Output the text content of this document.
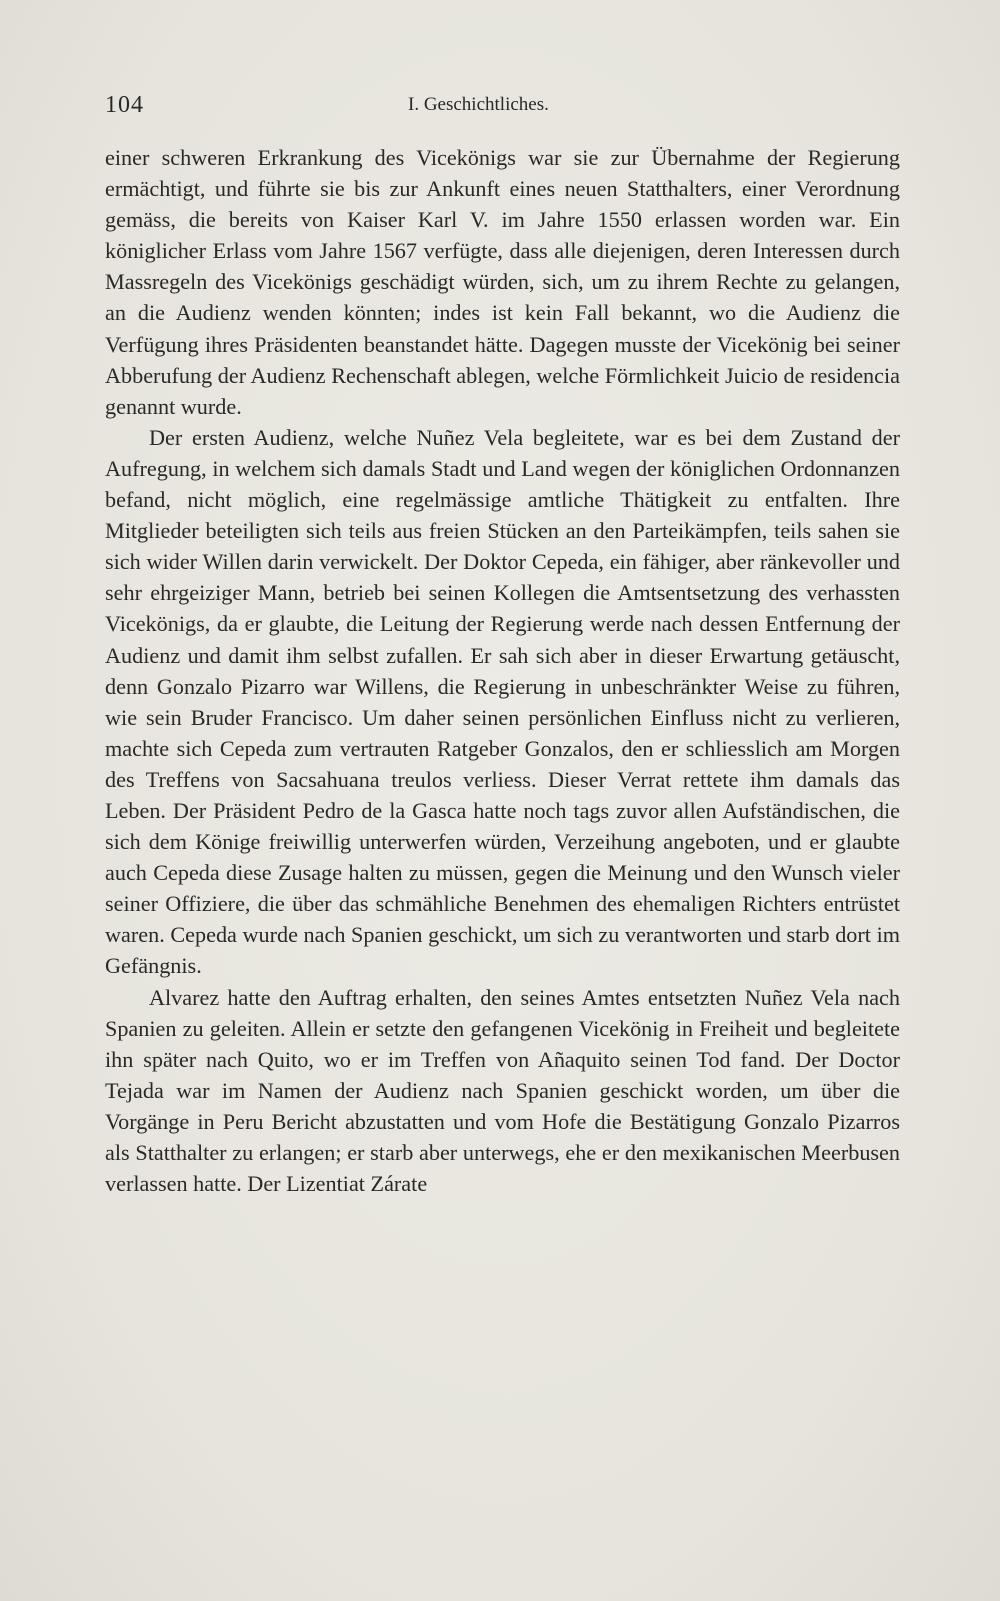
104	I. Geschichtliches.

einer schweren Erkrankung des Vicekönigs war sie zur Übernahme der Regierung ermächtigt, und führte sie bis zur Ankunft eines neuen Statthalters, einer Verordnung gemäss, die bereits von Kaiser Karl V. im Jahre 1550 erlassen worden war. Ein königlicher Erlass vom Jahre 1567 verfügte, dass alle diejenigen, deren Interessen durch Massregeln des Vicekönigs geschädigt würden, sich, um zu ihrem Rechte zu gelangen, an die Audienz wenden könnten; indes ist kein Fall bekannt, wo die Audienz die Verfügung ihres Präsidenten beanstandet hätte. Dagegen musste der Vicekönig bei seiner Abberufung der Audienz Rechenschaft ablegen, welche Förmlichkeit Juicio de residencia genannt wurde.

Der ersten Audienz, welche Nuñez Vela begleitete, war es bei dem Zustand der Aufregung, in welchem sich damals Stadt und Land wegen der königlichen Ordonnanzen befand, nicht möglich, eine regelmässige amtliche Thätigkeit zu entfalten. Ihre Mitglieder beteiligten sich teils aus freien Stücken an den Parteikämpfen, teils sahen sie sich wider Willen darin verwickelt. Der Doktor Cepeda, ein fähiger, aber ränkevoller und sehr ehrgeiziger Mann, betrieb bei seinen Kollegen die Amtsentsetzung des verhassten Vicekönigs, da er glaubte, die Leitung der Regierung werde nach dessen Entfernung der Audienz und damit ihm selbst zufallen. Er sah sich aber in dieser Erwartung getäuscht, denn Gonzalo Pizarro war Willens, die Regierung in unbeschränkter Weise zu führen, wie sein Bruder Francisco. Um daher seinen persönlichen Einfluss nicht zu verlieren, machte sich Cepeda zum vertrauten Ratgeber Gonzalos, den er schliesslich am Morgen des Treffens von Sacsahuana treulos verliess. Dieser Verrat rettete ihm damals das Leben. Der Präsident Pedro de la Gasca hatte noch tags zuvor allen Aufständischen, die sich dem Könige freiwillig unterwerfen würden, Verzeihung angeboten, und er glaubte auch Cepeda diese Zusage halten zu müssen, gegen die Meinung und den Wunsch vieler seiner Offiziere, die über das schmähliche Benehmen des ehemaligen Richters entrüstet waren. Cepeda wurde nach Spanien geschickt, um sich zu verantworten und starb dort im Gefängnis.

Alvarez hatte den Auftrag erhalten, den seines Amtes entsetzten Nuñez Vela nach Spanien zu geleiten. Allein er setzte den gefangenen Vicekönig in Freiheit und begleitete ihn später nach Quito, wo er im Treffen von Añaquito seinen Tod fand. Der Doctor Tejada war im Namen der Audienz nach Spanien geschickt worden, um über die Vorgänge in Peru Bericht abzustatten und vom Hofe die Bestätigung Gonzalo Pizarros als Statthalter zu erlangen; er starb aber unterwegs, ehe er den mexikanischen Meerbusen verlassen hatte. Der Lizentiat Zárate
